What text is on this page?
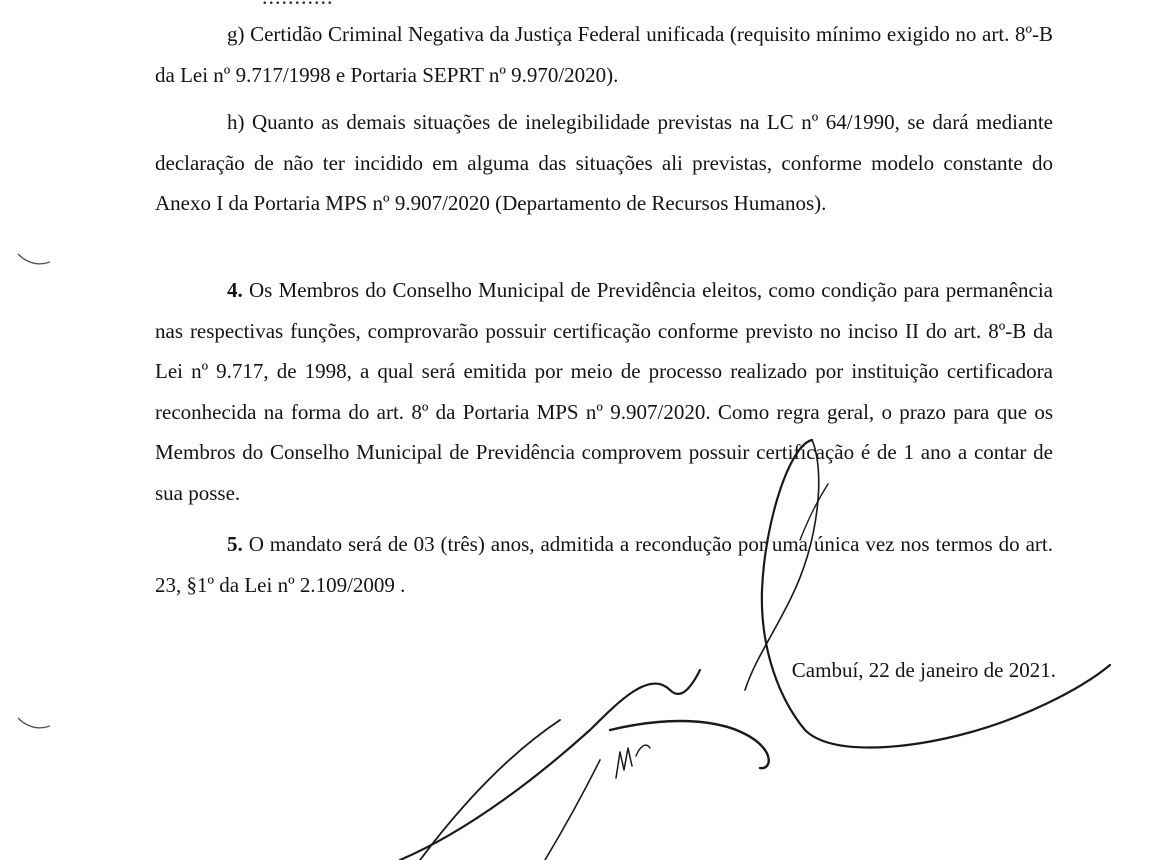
g) Certidão Criminal Negativa da Justiça Federal unificada (requisito mínimo exigido no art. 8º-B da Lei nº 9.717/1998 e Portaria SEPRT nº 9.970/2020).

h) Quanto as demais situações de inelegibilidade previstas na LC nº 64/1990, se dará mediante declaração de não ter incidido em alguma das situações ali previstas, conforme modelo constante do Anexo I da Portaria MPS nº 9.907/2020 (Departamento de Recursos Humanos).

4. Os Membros do Conselho Municipal de Previdência eleitos, como condição para permanência nas respectivas funções, comprovarão possuir certificação conforme previsto no inciso II do art. 8º-B da Lei nº 9.717, de 1998, a qual será emitida por meio de processo realizado por instituição certificadora reconhecida na forma do art. 8º da Portaria MPS nº 9.907/2020. Como regra geral, o prazo para que os Membros do Conselho Municipal de Previdência comprovem possuir certificação é de 1 ano a contar de sua posse.

5. O mandato será de 03 (três) anos, admitida a recondução por uma única vez nos termos do art. 23, §1º da Lei nº 2.109/2009 .

Cambuí, 22 de janeiro de 2021.
